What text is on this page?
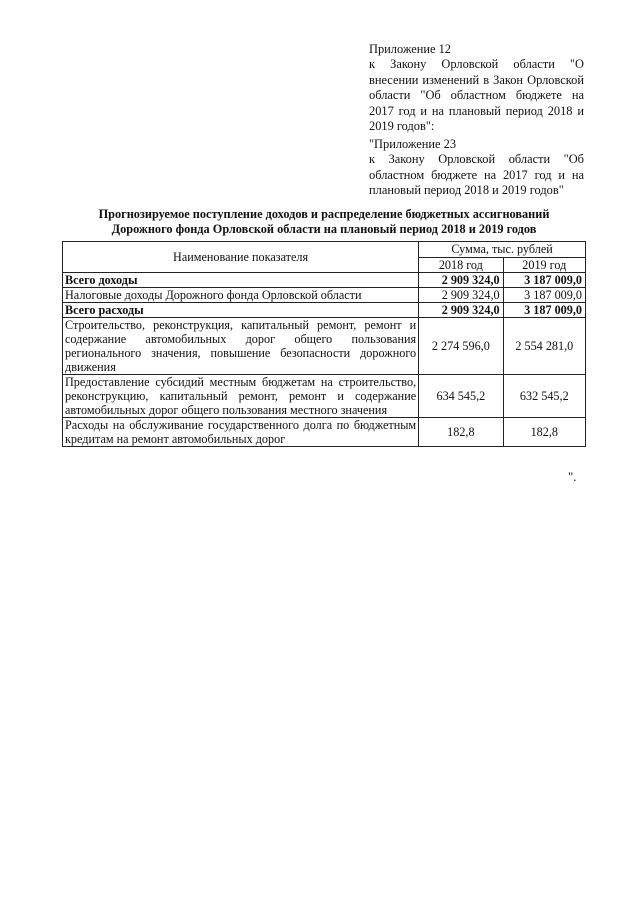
Приложение 12

к Закону Орловской области "О внесении изменений в Закон Орловской области "Об областном бюджете на 2017 год и на плановый период 2018 и 2019 годов":

"Приложение 23

к Закону Орловской области "Об областном бюджете на 2017 год и на плановый период 2018 и 2019 годов"

Прогнозируемое поступление доходов и распределение бюджетных ассигнований
Дорожного фонда Орловской области на плановый период 2018 и 2019 годов
Наименование показателя	Сумма, тыс. рублей	
	2018 год	2019 год
Всего доходы	2 909 324,0	3 187 009,0
Налоговые доходы Дорожного фонда Орловской области	2 909 324,0	3 187 009,0
Всего расходы	2 909 324,0	3 187 009,0
Строительство, реконструкция, капитальный ремонт, ремонт и содержание автомобильных дорог общего пользования регионального значения, повышение безопасности дорожного движения	2 274 596,0	2 554 281,0
Предоставление субсидий местным бюджетам на строительство, реконструкцию, капитальный ремонт, ремонт и содержание автомобильных дорог общего пользования местного значения	634 545,2	632 545,2
Расходы на обслуживание государственного долга по бюджетным кредитам на ремонт автомобильных дорог	182,8	182,8
".
